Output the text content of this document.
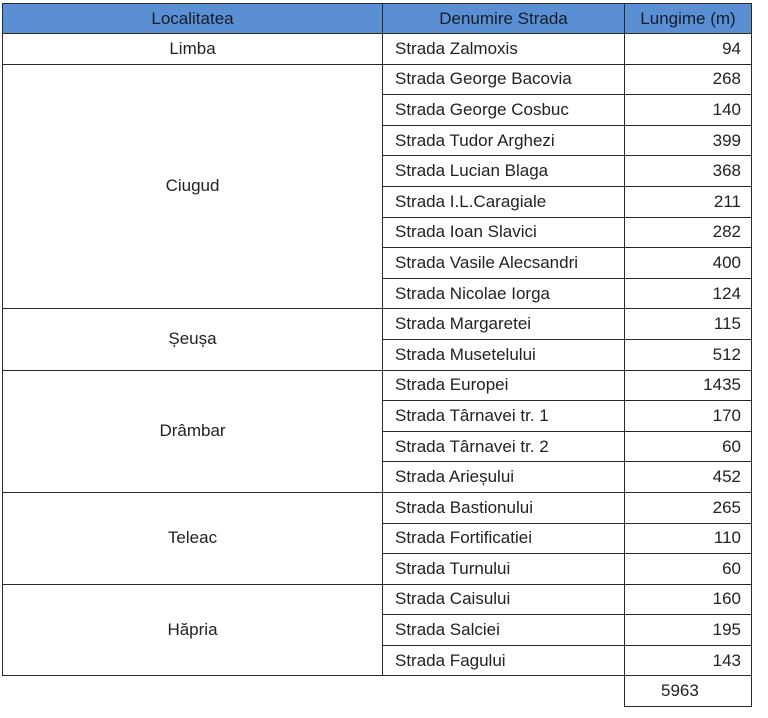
Localitatea	Denumire Strada	Lungime (m)
Limba	Strada Zalmoxis	94
Ciugud	Strada George Bacovia	268
	Strada George Cosbuc	140
	Strada Tudor Arghezi	399
	Strada Lucian Blaga	368
	Strada I.L.Caragiale	211
	Strada Ioan Slavici	282
	Strada Vasile Alecsandri	400
	Strada Nicolae Iorga	124
Șeușa	Strada Margaretei	115
	Strada Musetelului	512
Drâmbar	Strada Europei	1435
	Strada Târnavei tr. 1	170
	Strada Târnavei tr. 2	60
	Strada Arieșului	452
Teleac	Strada Bastionului	265
	Strada Fortificatiei	110
	Strada Turnului	60
Hăpria	Strada Caisului	160
	Strada Salciei	195
	Strada Fagului	143
		5963
